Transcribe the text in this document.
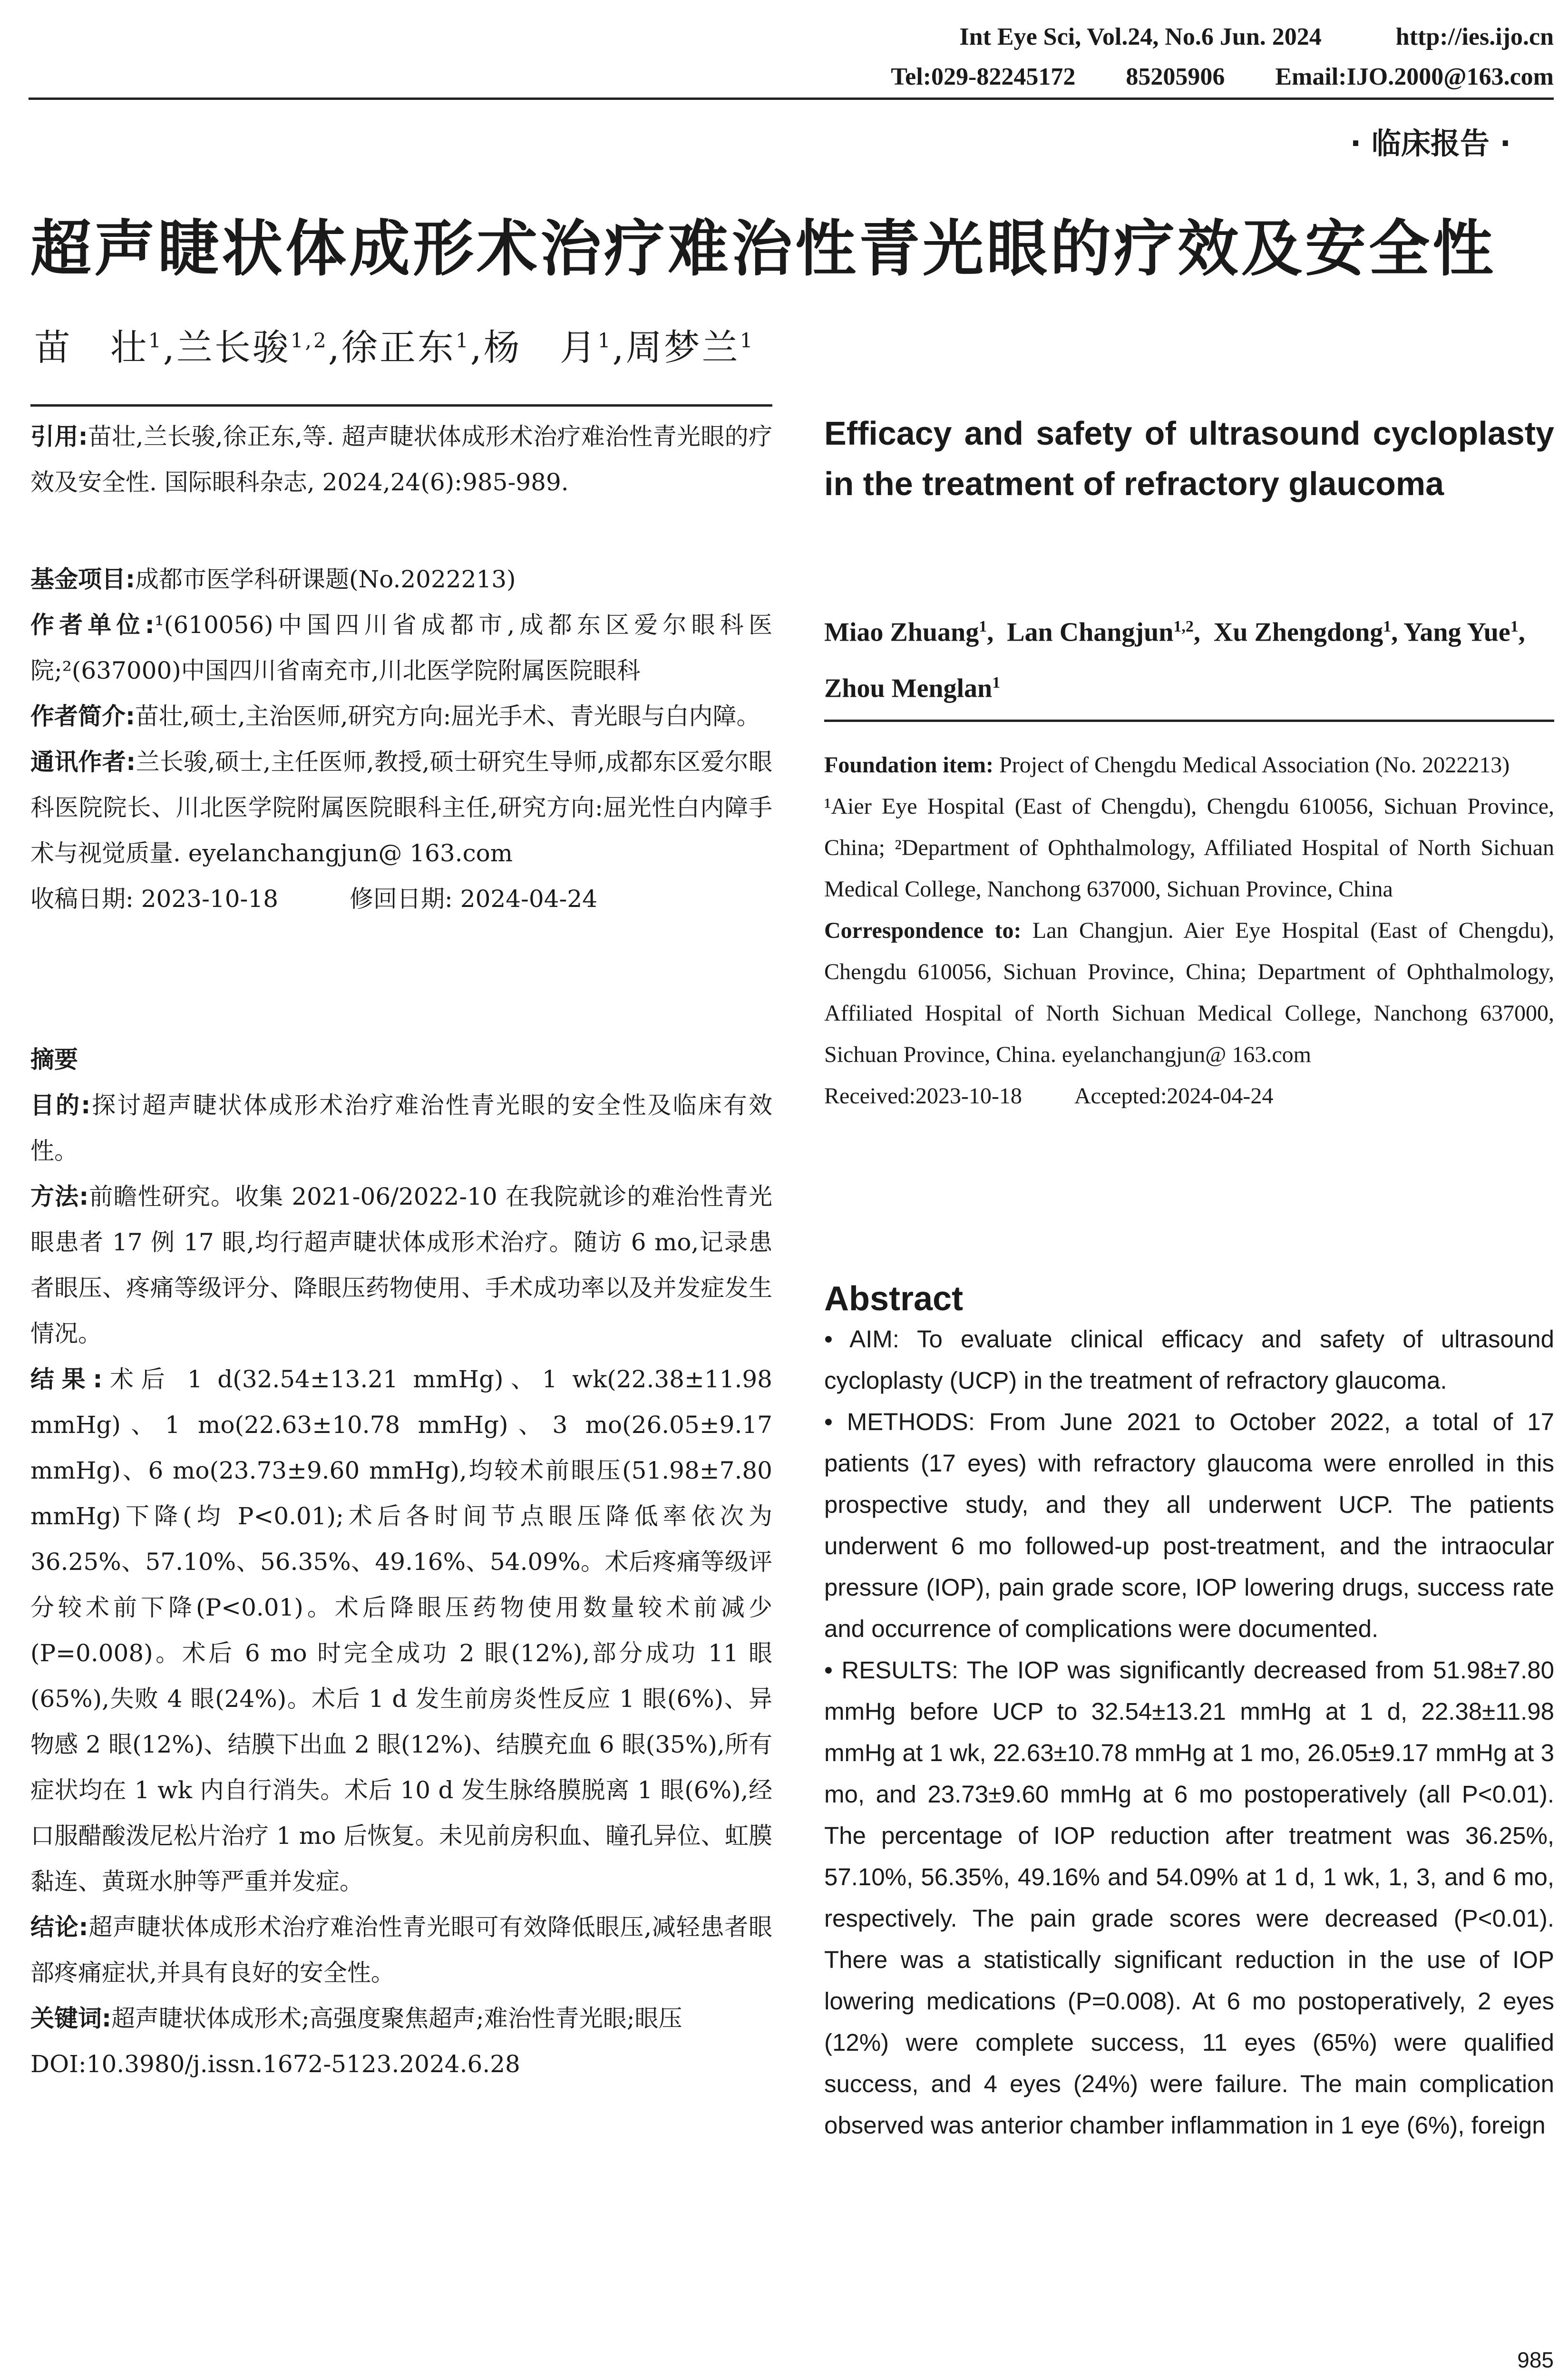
Int Eye Sci, Vol.24, No.6 Jun. 2024	http://ies.ijo.cn
Tel:029-82245172 85205906 Email:IJO.2000@163.com
· 临床报告 ·
超声睫状体成形术治疗难治性青光眼的疗效及安全性
苗　壮$^1$,兰长骏$^{1,2}$,徐正东$^1$,杨　月$^1$,周梦兰$^1$

引用:苗壮,兰长骏,徐正东,等. 超声睫状体成形术治疗难治性青光眼的疗效及安全性. 国际眼科杂志, 2024,24(6):985-989.

基金项目:成都市医学科研课题(No.2022213)

作者单位:¹(610056)中国四川省成都市,成都东区爱尔眼科医院;²(637000)中国四川省南充市,川北医学院附属医院眼科

作者简介:苗壮,硕士,主治医师,研究方向:屈光手术、青光眼与白内障。

通讯作者:兰长骏,硕士,主任医师,教授,硕士研究生导师,成都东区爱尔眼科医院院长、川北医学院附属医院眼科主任,研究方向:屈光性白内障手术与视觉质量. eyelanchangjun@ 163.com

收稿日期: 2023-10-18	修回日期: 2024-04-24

摘要

目的:探讨超声睫状体成形术治疗难治性青光眼的安全性及临床有效性。

方法:前瞻性研究。收集 2021-06/2022-10 在我院就诊的难治性青光眼患者 17 例 17 眼,均行超声睫状体成形术治疗。随访 6 mo,记录患者眼压、疼痛等级评分、降眼压药物使用、手术成功率以及并发症发生情况。

结果:术后 1 d(32.54±13.21 mmHg)、1 wk(22.38±11.98 mmHg)、1 mo(22.63±10.78 mmHg)、3 mo(26.05±9.17 mmHg)、6 mo(23.73±9.60 mmHg),均较术前眼压(51.98±7.80 mmHg)下降(均 P<0.01);术后各时间节点眼压降低率依次为 36.25%、57.10%、56.35%、49.16%、54.09%。术后疼痛等级评分较术前下降(P<0.01)。术后降眼压药物使用数量较术前减少(P=0.008)。术后 6 mo 时完全成功 2 眼(12%),部分成功 11 眼(65%),失败 4 眼(24%)。术后 1 d 发生前房炎性反应 1 眼(6%)、异物感 2 眼(12%)、结膜下出血 2 眼(12%)、结膜充血 6 眼(35%),所有症状均在 1 wk 内自行消失。术后 10 d 发生脉络膜脱离 1 眼(6%),经口服醋酸泼尼松片治疗 1 mo 后恢复。未见前房积血、瞳孔异位、虹膜黏连、黄斑水肿等严重并发症。

结论:超声睫状体成形术治疗难治性青光眼可有效降低眼压,减轻患者眼部疼痛症状,并具有良好的安全性。

关键词:超声睫状体成形术;高强度聚焦超声;难治性青光眼;眼压

DOI:10.3980/j.issn.1672-5123.2024.6.28

Efficacy and safety of ultrasound cycloplasty in the treatment of refractory glaucoma
Miao Zhuang$^1$,  Lan Changjun$^{1,2}$,  Xu Zhengdong$^1$, Yang Yue$^1$,  Zhou Menglan$^1$

Foundation item: Project of Chengdu Medical Association (No. 2022213)

¹Aier Eye Hospital (East of Chengdu), Chengdu 610056, Sichuan Province, China; ²Department of Ophthalmology, Affiliated Hospital of North Sichuan Medical College, Nanchong 637000, Sichuan Province, China

Correspondence to: Lan Changjun. Aier Eye Hospital (East of Chengdu), Chengdu 610056, Sichuan Province, China; Department of Ophthalmology, Affiliated Hospital of North Sichuan Medical College, Nanchong 637000, Sichuan Province, China. eyelanchangjun@ 163.com

Received:2023-10-18 Accepted:2024-04-24

Abstract

• AIM: To evaluate clinical efficacy and safety of ultrasound cycloplasty (UCP) in the treatment of refractory glaucoma.

• METHODS: From June 2021 to October 2022, a total of 17 patients (17 eyes) with refractory glaucoma were enrolled in this prospective study, and they all underwent UCP. The patients underwent 6 mo followed-up post-treatment, and the intraocular pressure (IOP), pain grade score, IOP lowering drugs, success rate and occurrence of complications were documented.

• RESULTS: The IOP was significantly decreased from 51.98±7.80 mmHg before UCP to 32.54±13.21 mmHg at 1 d, 22.38±11.98 mmHg at 1 wk, 22.63±10.78 mmHg at 1 mo, 26.05±9.17 mmHg at 3 mo, and 23.73±9.60 mmHg at 6 mo postoperatively (all P<0.01). The percentage of IOP reduction after treatment was 36.25%, 57.10%, 56.35%, 49.16% and 54.09% at 1 d, 1 wk, 1, 3, and 6 mo, respectively. The pain grade scores were decreased (P<0.01). There was a statistically significant reduction in the use of IOP lowering medications (P=0.008). At 6 mo postoperatively, 2 eyes (12%) were complete success, 11 eyes (65%) were qualified success, and 4 eyes (24%) were failure. The main complication observed was anterior chamber inflammation in 1 eye (6%), foreign

985
